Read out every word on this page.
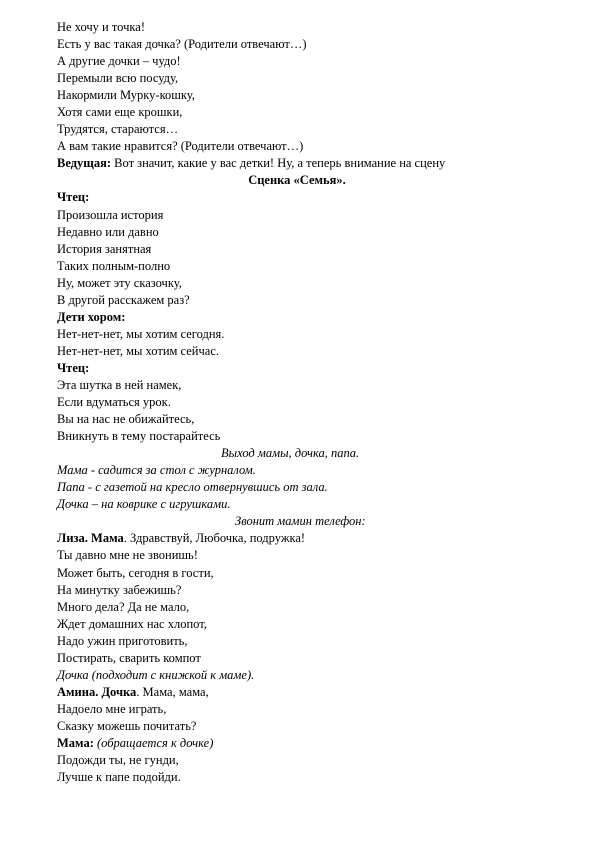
Не хочу и точка!
Есть у вас такая дочка? (Родители отвечают…)
А другие дочки – чудо!
Перемыли всю посуду,
Накормили Мурку-кошку,
Хотя сами еще крошки,
Трудятся, стараются…
А вам такие нравится? (Родители отвечают…)
Ведущая: Вот значит, какие у вас детки! Ну, а теперь внимание на сцену
Сценка «Семья».
Чтец:
Произошла история
Недавно или давно
История занятная
Таких полным-полно
Ну, может эту сказочку,
В другой расскажем раз?
Дети хором:
Нет-нет-нет, мы хотим сегодня.
Нет-нет-нет, мы хотим сейчас.
Чтец:
Эта шутка в ней намек,
Если вдуматься урок.
Вы на нас не обижайтесь,
Вникнуть в тему постарайтесь
Выход мамы, дочка, папа.
Мама - садится за стол с журналом.
Папа - с газетой на кресло отвернувшись от зала.
Дочка – на коврике с игрушками.
Звонит мамин телефон:
Лиза. Мама. Здравствуй, Любочка, подружка!
Ты давно мне не звонишь!
Может быть, сегодня в гости,
На минутку забежишь?
Много дела? Да не мало,
Ждет домашних нас хлопот,
Надо ужин приготовить,
Постирать, сварить компот
Дочка (подходит с книжкой к маме).
Амина. Дочка. Мама, мама,
Надоело мне играть,
Сказку можешь почитать?
Мама: (обращается к дочке)
Подожди ты, не гунди,
Лучше к папе подойди.
